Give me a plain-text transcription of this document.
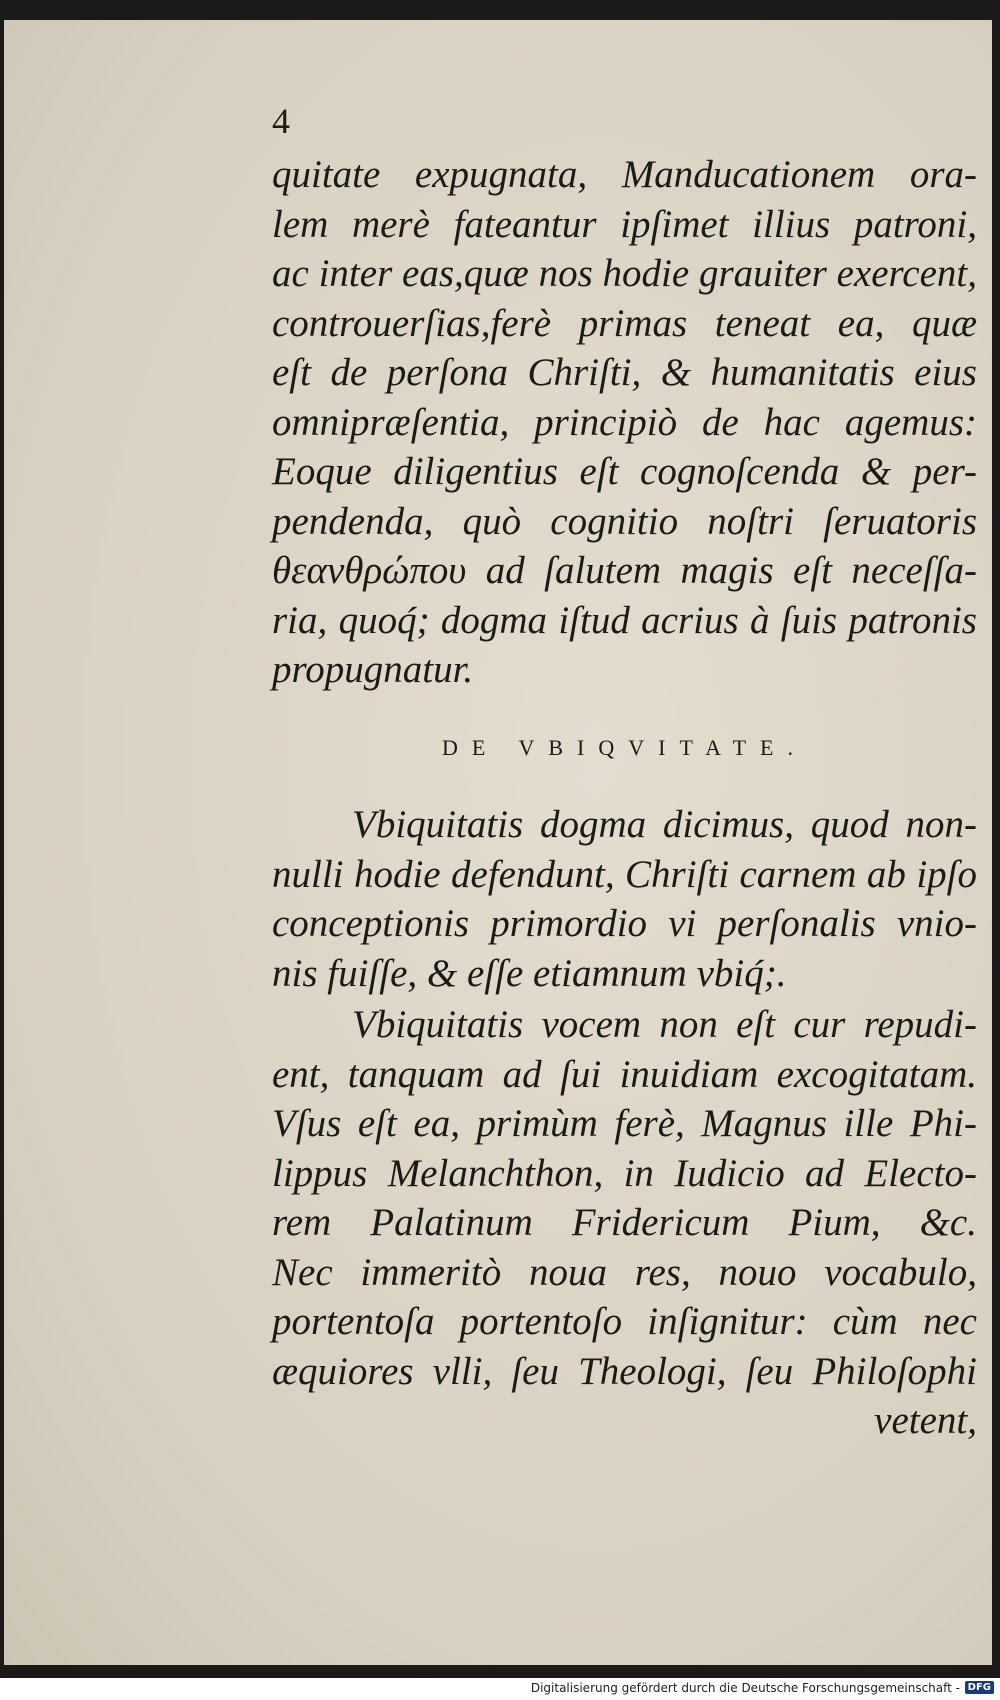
4
quitate expugnata, Manducationem ora-
lem merè fateantur ipſimet illius patroni,
ac inter eas,quæ nos hodie grauiter exercent,
controuerſias,ferè primas teneat ea, quæ
eſt de perſona Chriſti, & humanitatis eius
omnipræſentia, principiò de hac agemus:
Eoque diligentius eſt cognoſcenda & per-
pendenda, quò cognitio noſtri ſeruatoris
θεανθρώπου ad ſalutem magis eſt neceſſa-
ria, quoq́; dogma iſtud acrius à ſuis patronis
propugnatur.
DE VBIQVITATE.
Vbiquitatis dogma dicimus, quod non-
nulli hodie defendunt, Chriſti carnem ab ipſo
conceptionis primordio vi perſonalis vnio-
nis fuiſſe, & eſſe etiamnum vbiq́;.
Vbiquitatis vocem non eſt cur repudi-
ent, tanquam ad ſui inuidiam excogitatam.
Vſus eſt ea, primùm ferè, Magnus ille Phi-
lippus Melanchthon, in Iudicio ad Electo-
rem Palatinum Fridericum Pium, &c.
Nec immeritò noua res, nouo vocabulo,
portentoſa portentoſo inſignitur: cùm nec
æquiores vlli, ſeu Theologi, ſeu Philoſophi
vetent,
Digitalisierung gefördert durch die Deutsche Forschungsgemeinschaft - DFG
